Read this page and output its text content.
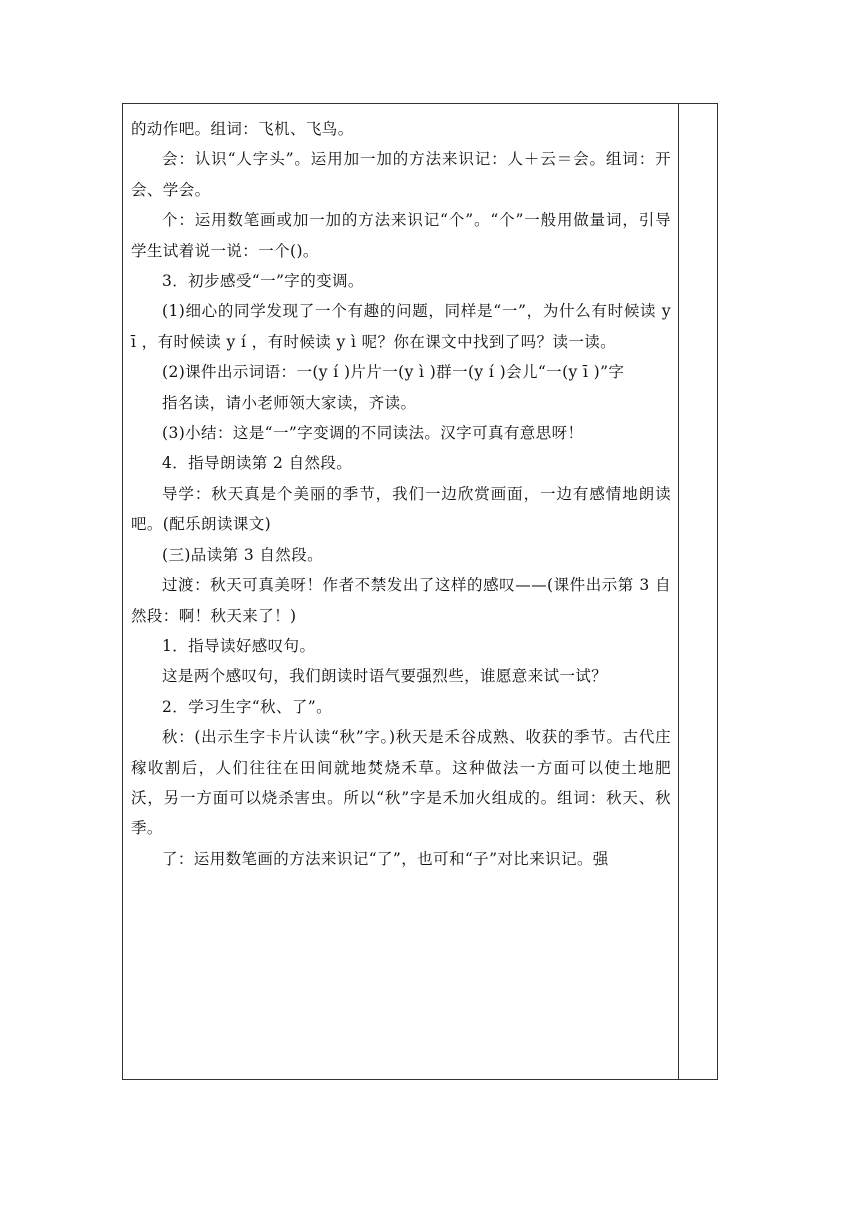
的动作吧。组词：飞机、飞鸟。

会：认识“人字头”。运用加一加的方法来识记：人＋云＝会。组词：开会、学会。

个：运用数笔画或加一加的方法来识记“个”。“个”一般用做量词，引导学生试着说一说：一个()。

3．初步感受“一”字的变调。

(1)细心的同学发现了一个有趣的问题，同样是“一”，为什么有时候读 y ī ，有时候读 y í ，有时候读 y ì 呢？你在课文中找到了吗？读一读。

(2)课件出示词语：一(y í )片片一(y ì )群一(y í )会儿“一(y ī )”字

指名读，请小老师领大家读，齐读。

(3)小结：这是“一”字变调的不同读法。汉字可真有意思呀！

4．指导朗读第 2 自然段。

导学：秋天真是个美丽的季节，我们一边欣赏画面，一边有感情地朗读吧。(配乐朗读课文)

(三)品读第 3 自然段。

过渡：秋天可真美呀！作者不禁发出了这样的感叹——(课件出示第 3 自然段：啊！秋天来了！)

1．指导读好感叹句。

这是两个感叹句，我们朗读时语气要强烈些，谁愿意来试一试？

2．学习生字“秋、了”。

秋：(出示生字卡片认读“秋”字。)秋天是禾谷成熟、收获的季节。古代庄稼收割后，人们往往在田间就地焚烧禾草。这种做法一方面可以使土地肥沃，另一方面可以烧杀害虫。所以“秋”字是禾加火组成的。组词：秋天、秋季。

了：运用数笔画的方法来识记“了”，也可和“子”对比来识记。强
